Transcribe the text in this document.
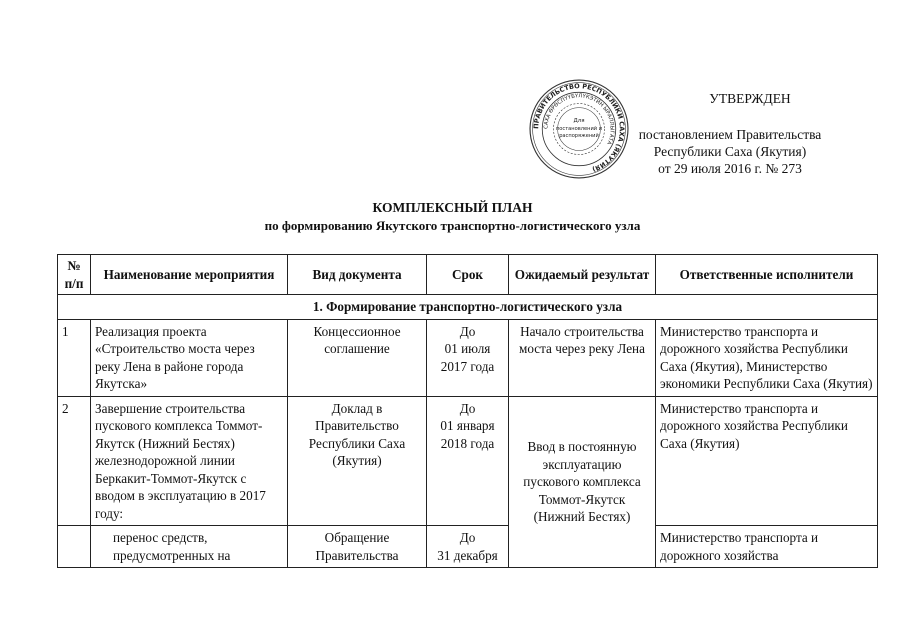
ПРАВИТЕЛЬСТВО РЕСПУБЛИКИ САХА (ЯКУТИЯ)
САХА ӨРӨСПҮҮБҮЛҮКЭТИН ЫРАЛЛЫГАТА
Для
постановлений и
распоряжений
УТВЕРЖДЕН
постановлением Правительства
Республики Саха (Якутия)
от 29 июля 2016 г. № 273
КОМПЛЕКСНЫЙ ПЛАН
по формированию Якутского транспортно-логистического узла
№
п/п	Наименование мероприятия	Вид документа	Срок	Ожидаемый результат	Ответственные исполнители
1. Формирование транспортно-логистического узла					
1	Реализация проекта «Строительство моста через реку Лена в районе города Якутска»	Концессионное соглашение	До
01 июля
2017 года	Начало строительства моста через реку Лена	Министерство транспорта и дорожного хозяйства Республики Саха (Якутия), Министерство экономики Республики Саха (Якутия)
2	Завершение строительства пускового комплекса Томмот-Якутск (Нижний Бестях) железнодорожной линии Беркакит-Томмот-Якутск с вводом в эксплуатацию в 2017 году:	Доклад в Правительство Республики Саха (Якутия)	До
01 января
2018 года	Ввод в постоянную эксплуатацию пускового комплекса Томмот-Якутск (Нижний Бестях)	Министерство транспорта и дорожного хозяйства Республики Саха (Якутия)
	перенос средств, предусмотренных на	Обращение Правительства	До
31 декабря		Министерство транспорта и дорожного хозяйства
